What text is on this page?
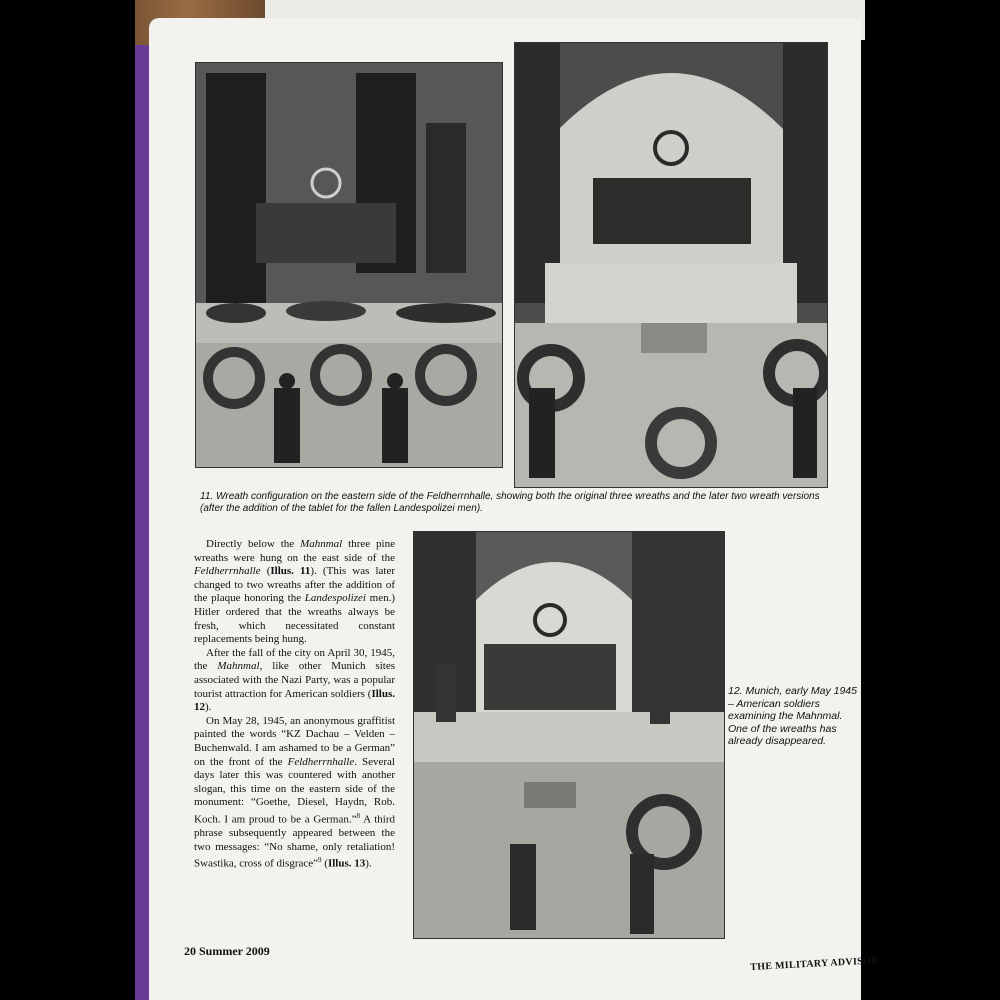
11. Wreath configuration on the eastern side of the Feldherrnhalle, showing both the original three wreaths and the later two wreath versions (after the addition of the tablet for the fallen Landespolizei men).
12. Munich, early May 1945 – American soldiers examining the Mahnmal. One of the wreaths has already disappeared.

Directly below the Mahnmal three pine wreaths were hung on the east side of the Feldherrnhalle (Illus. 11). (This was later changed to two wreaths after the addition of the plaque honoring the Landespolizei men.) Hitler ordered that the wreaths always be fresh, which necessitated constant replacements being hung.

After the fall of the city on April 30, 1945, the Mahnmal, like other Munich sites associated with the Nazi Party, was a popular tourist attraction for American soldiers (Illus. 12).

On May 28, 1945, an anonymous graffitist painted the words “KZ Dachau – Velden – Buchenwald. I am ashamed to be a German” on the front of the Feldherrnhalle. Several days later this was countered with another slogan, this time on the eastern side of the monument: “Goethe, Diesel, Haydn, Rob. Koch. I am proud to be a German.”$^8$ A third phrase subsequently appeared between the two messages: “No shame, only retaliation! Swastika, cross of disgrace”$^9$ (Illus. 13).

20 Summer 2009
THE MILITARY ADVISOR
